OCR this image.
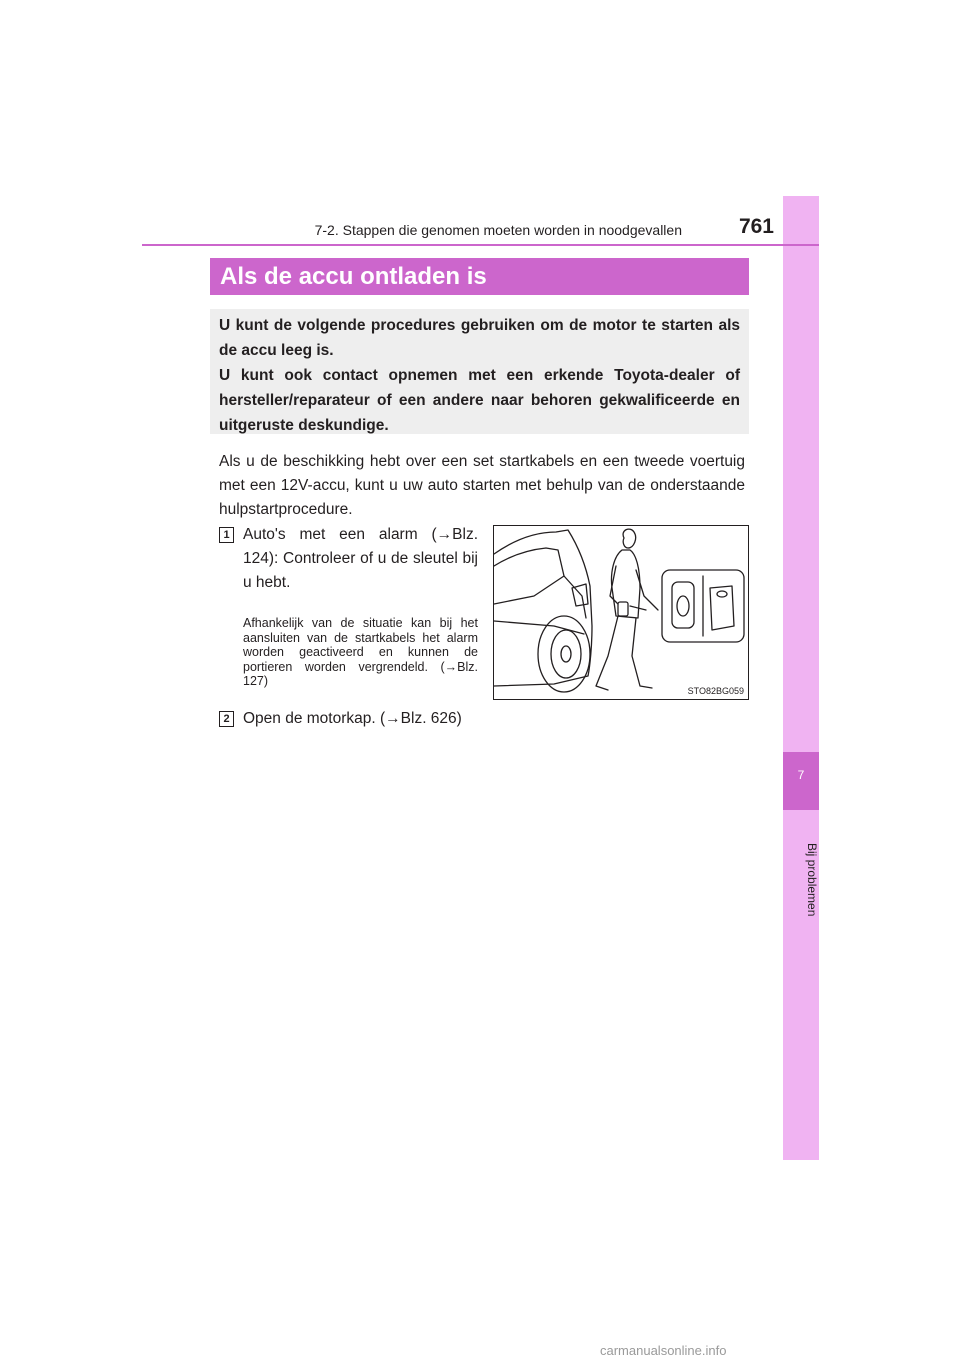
7
Bij problemen
7-2. Stappen die genomen moeten worden in noodgevallen	761
Als de accu ontladen is

U kunt de volgende procedures gebruiken om de motor te starten als de accu leeg is.

U kunt ook contact opnemen met een erkende Toyota-dealer of hersteller/reparateur of een andere naar behoren gekwalificeerde en uitgeruste deskundige.

Als u de beschikking hebt over een set startkabels en een tweede voertuig met een 12V-accu, kunt u uw auto starten met behulp van de onderstaande hulpstartprocedure.

1 Auto's met een alarm (→Blz. 124): Controleer of u de sleutel bij u hebt.

Afhankelijk van de situatie kan bij het aansluiten van de startkabels het alarm worden geactiveerd en kunnen de portieren worden vergrendeld. (→Blz. 127)

2 Open de motorkap. (→Blz. 626)

STO82BG059
carmanualsonline.info
